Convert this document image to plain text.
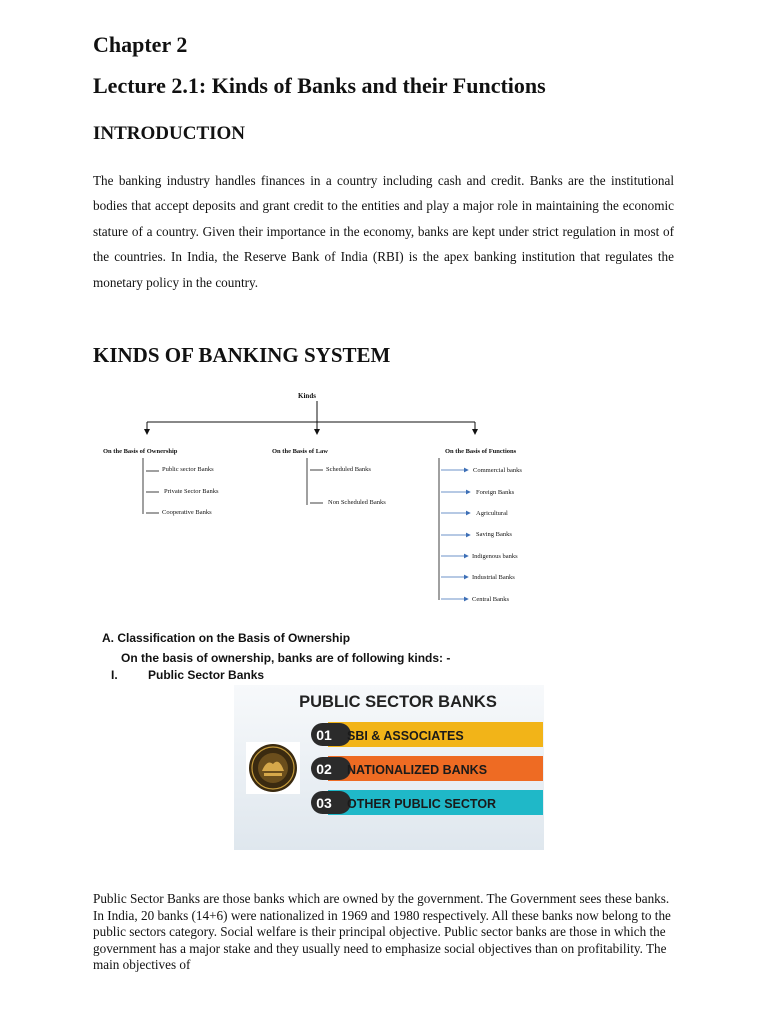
Chapter 2
Lecture 2.1: Kinds of Banks and their Functions
INTRODUCTION
The banking industry handles finances in a country including cash and credit. Banks are the institutional bodies that accept deposits and grant credit to the entities and play a major role in maintaining the economic stature of a country. Given their importance in the economy, banks are kept under strict regulation in most of the countries. In India, the Reserve Bank of India (RBI) is the apex banking institution that regulates the monetary policy in the country.
KINDS OF BANKING SYSTEM
Kinds
On the Basis of Ownership	On the Basis of Law	On the Basis of Functions
Public sector Banks
Private Sector Banks
Cooperative Banks
Scheduled Banks
Non Scheduled Banks
Commercial banks
Foreign Banks
Agricultural
Saving Banks
Indigenous banks
Industrial Banks
Central Banks
A. Classification on the Basis of Ownership
On the basis of ownership, banks are of following kinds: -
I.	Public Sector Banks
PUBLIC SECTOR BANKS
01 SBI & ASSOCIATES
02 NATIONALIZED BANKS
03 OTHER PUBLIC SECTOR
Public Sector Banks are those banks which are owned by the government. The Government sees these banks. In India, 20 banks (14+6) were nationalized in 1969 and 1980 respectively. All these banks now belong to the public sectors category. Social welfare is their principal objective. Public sector banks are those in which the government has a major stake and they usually need to emphasize social objectives than on profitability. The main objectives of
